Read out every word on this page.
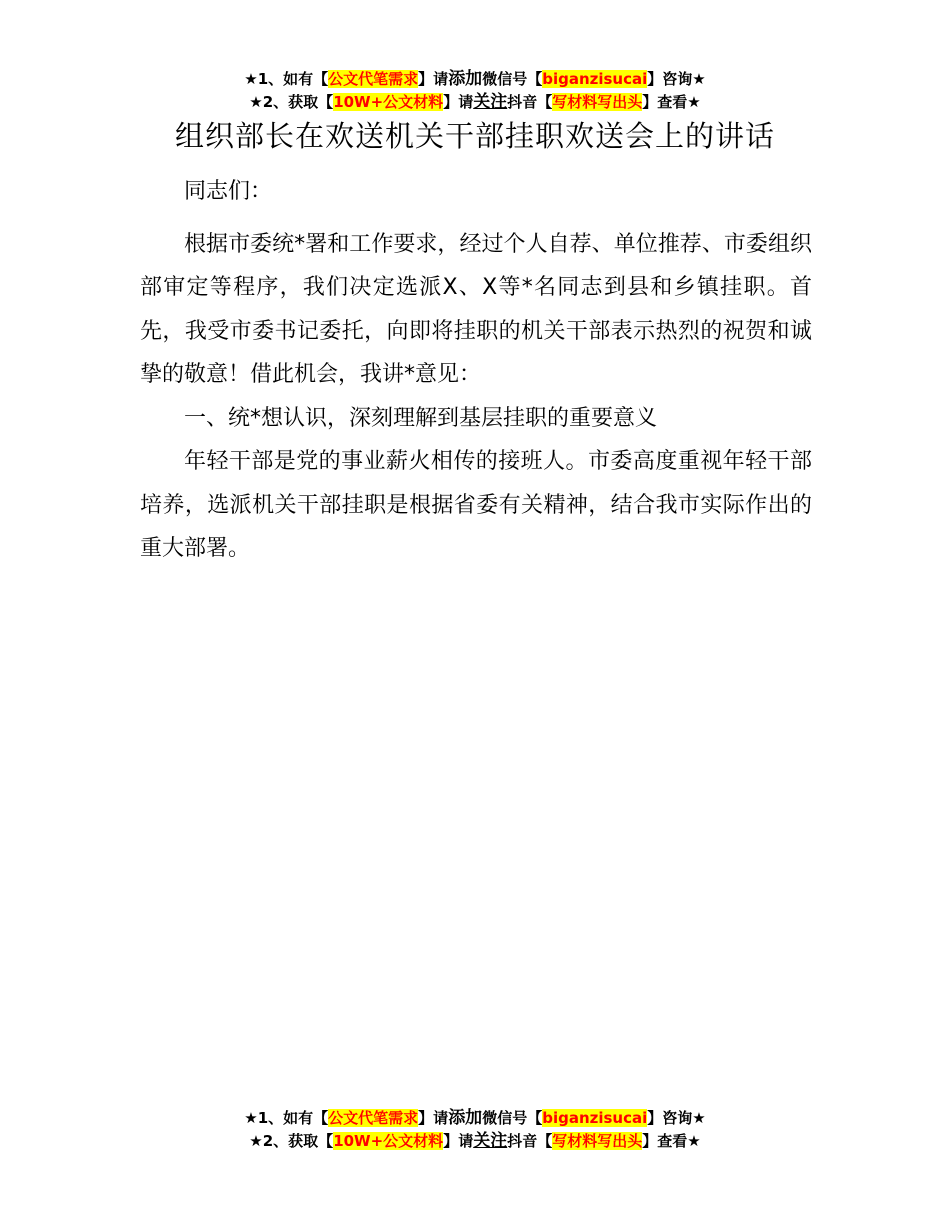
★1、如有【公文代笔需求】请添加微信号【biganzisucai】咨询★
★2、获取【10W+公文材料】请关注抖音【写材料写出头】查看★
组织部长在欢送机关干部挂职欢送会上的讲话

同志们：

根据市委统*署和工作要求，经过个人自荐、单位推荐、市委组织部审定等程序，我们决定选派X、X等*名同志到县和乡镇挂职。首先，我受市委书记委托，向即将挂职的机关干部表示热烈的祝贺和诚挚的敬意！借此机会，我讲*意见：

一、统*想认识，深刻理解到基层挂职的重要意义

年轻干部是党的事业薪火相传的接班人。市委高度重视年轻干部培养，选派机关干部挂职是根据省委有关精神，结合我市实际作出的重大部署。

★1、如有【公文代笔需求】请添加微信号【biganzisucai】咨询★
★2、获取【10W+公文材料】请关注抖音【写材料写出头】查看★
